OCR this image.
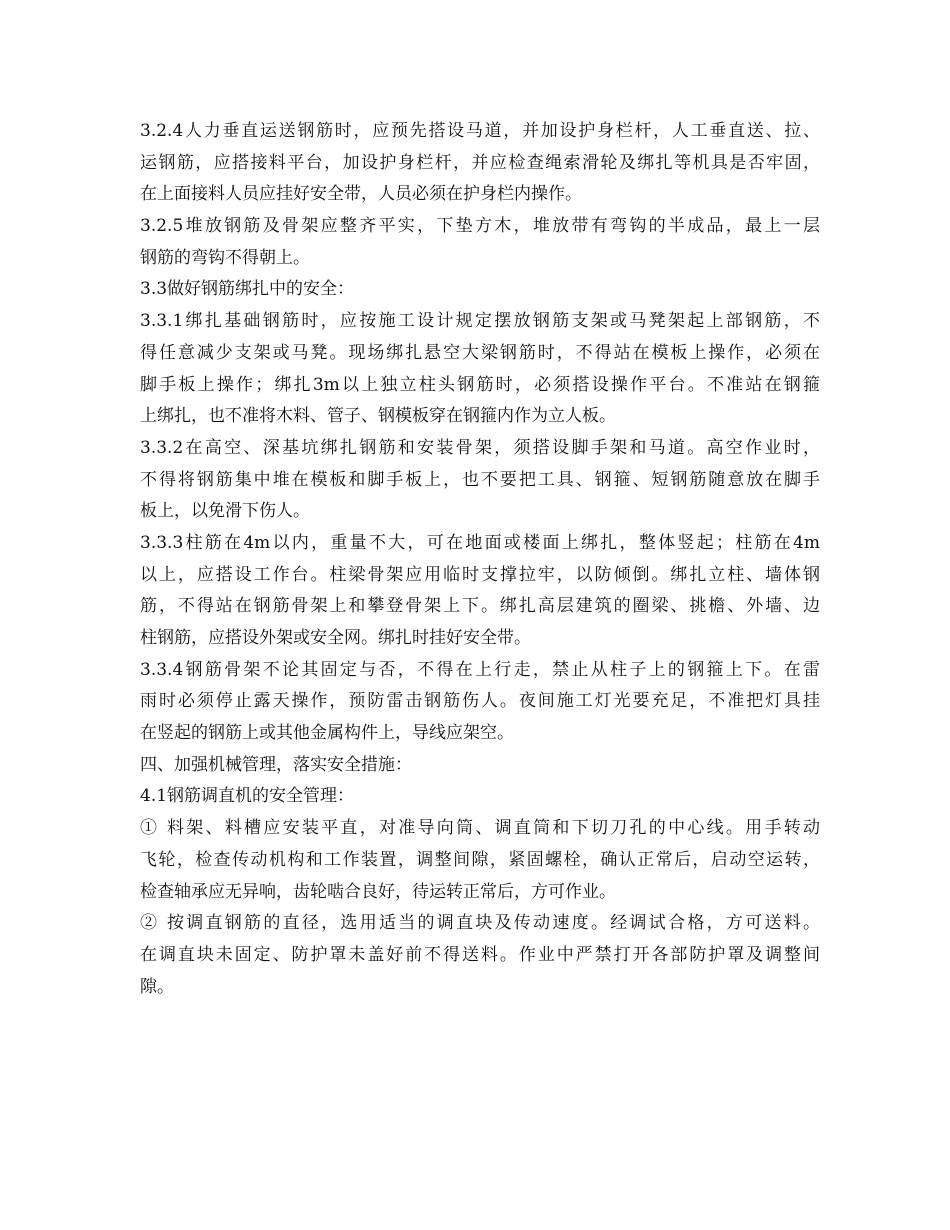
3.2.4人力垂直运送钢筋时，应预先搭设马道，并加设护身栏杆，人工垂直送、拉、
运钢筋，应搭接料平台，加设护身栏杆，并应检查绳索滑轮及绑扎等机具是否牢固，
在上面接料人员应挂好安全带，人员必须在护身栏内操作。
3.2.5堆放钢筋及骨架应整齐平实，下垫方木，堆放带有弯钩的半成品，最上一层
钢筋的弯钩不得朝上。
3.3做好钢筋绑扎中的安全：
3.3.1绑扎基础钢筋时，应按施工设计规定摆放钢筋支架或马凳架起上部钢筋，不
得任意减少支架或马凳。现场绑扎悬空大梁钢筋时，不得站在模板上操作，必须在
脚手板上操作；绑扎3m以上独立柱头钢筋时，必须搭设操作平台。不准站在钢箍
上绑扎，也不准将木料、管子、钢模板穿在钢箍内作为立人板。
3.3.2在高空、深基坑绑扎钢筋和安装骨架，须搭设脚手架和马道。高空作业时，
不得将钢筋集中堆在模板和脚手板上，也不要把工具、钢箍、短钢筋随意放在脚手
板上，以免滑下伤人。
3.3.3柱筋在4m以内，重量不大，可在地面或楼面上绑扎，整体竖起；柱筋在4m
以上，应搭设工作台。柱梁骨架应用临时支撑拉牢，以防倾倒。绑扎立柱、墙体钢
筋，不得站在钢筋骨架上和攀登骨架上下。绑扎高层建筑的圈梁、挑檐、外墙、边
柱钢筋，应搭设外架或安全网。绑扎时挂好安全带。
3.3.4钢筋骨架不论其固定与否，不得在上行走，禁止从柱子上的钢箍上下。在雷
雨时必须停止露天操作，预防雷击钢筋伤人。夜间施工灯光要充足，不准把灯具挂
在竖起的钢筋上或其他金属构件上，导线应架空。
四、加强机械管理，落实安全措施：
4.1钢筋调直机的安全管理：
① 料架、料槽应安装平直，对准导向筒、调直筒和下切刀孔的中心线。用手转动
飞轮，检查传动机构和工作装置，调整间隙，紧固螺栓，确认正常后，启动空运转，
检查轴承应无异响，齿轮啮合良好，待运转正常后，方可作业。
② 按调直钢筋的直径，选用适当的调直块及传动速度。经调试合格，方可送料。
在调直块未固定、防护罩未盖好前不得送料。作业中严禁打开各部防护罩及调整间
隙。
